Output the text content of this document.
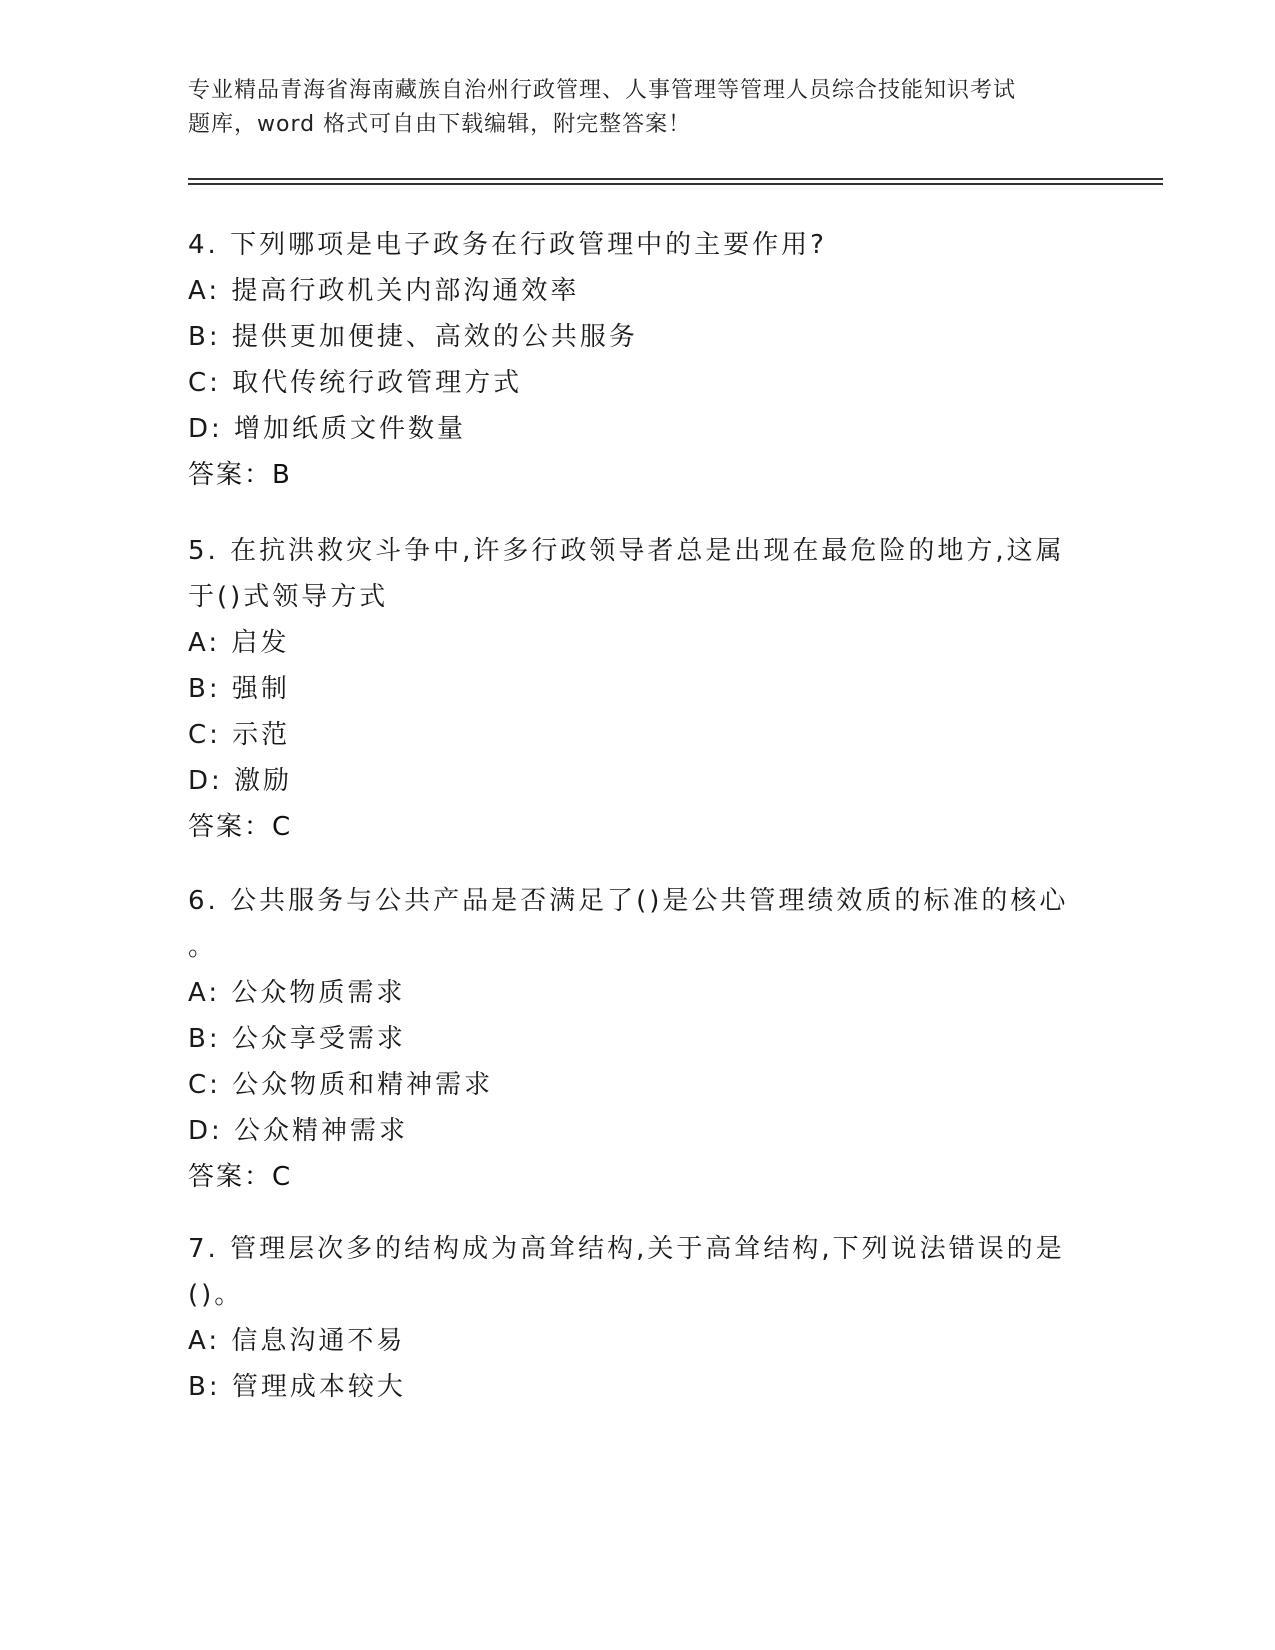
专业精品青海省海南藏族自治州行政管理、人事管理等管理人员综合技能知识考试
题库，word 格式可自由下载编辑，附完整答案！
4. 下列哪项是电子政务在行政管理中的主要作用?
A: 提高行政机关内部沟通效率
B: 提供更加便捷、高效的公共服务
C: 取代传统行政管理方式
D: 增加纸质文件数量
答案：B
5. 在抗洪救灾斗争中,许多行政领导者总是出现在最危险的地方,这属
于()式领导方式
A: 启发
B: 强制
C: 示范
D: 激励
答案：C
6. 公共服务与公共产品是否满足了()是公共管理绩效质的标准的核心
。
A: 公众物质需求
B: 公众享受需求
C: 公众物质和精神需求
D: 公众精神需求
答案：C
7. 管理层次多的结构成为高耸结构,关于高耸结构,下列说法错误的是
()。
A: 信息沟通不易
B: 管理成本较大
